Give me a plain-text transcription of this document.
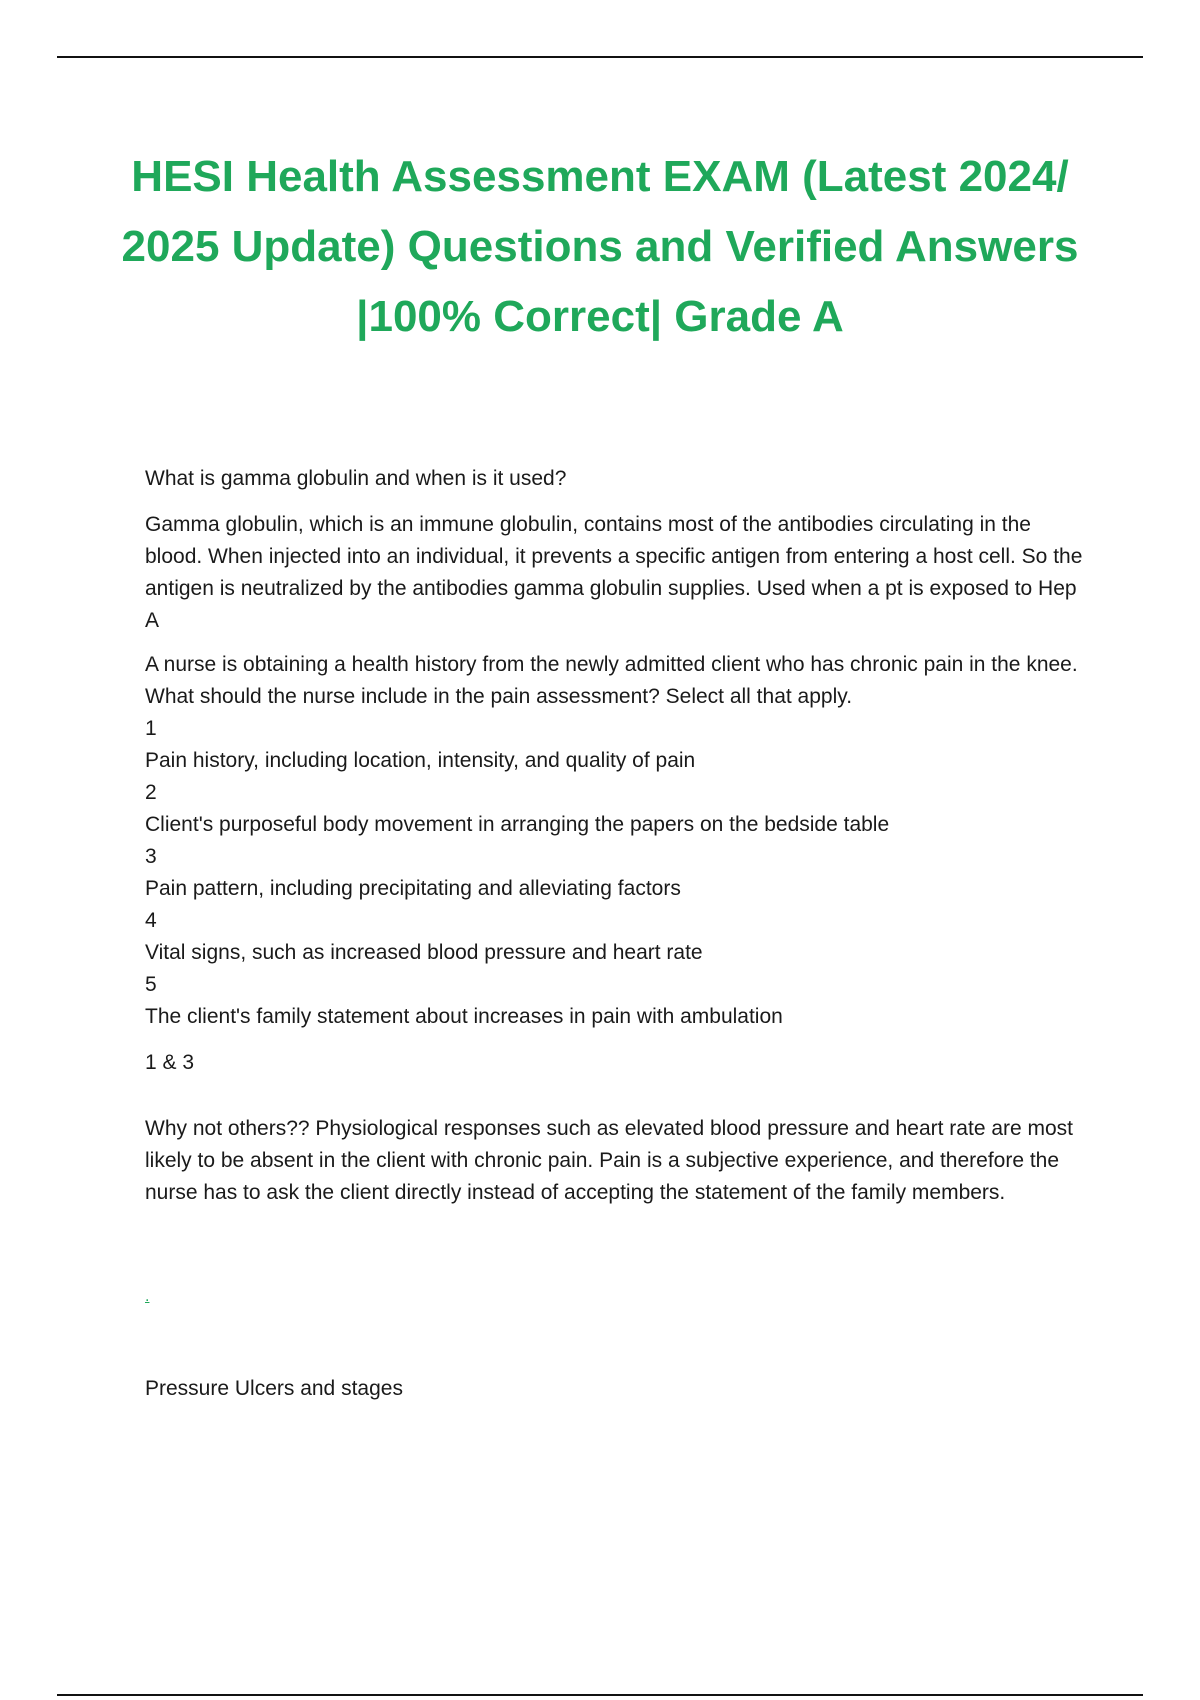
HESI Health Assessment EXAM (Latest 2024/ 2025 Update) Questions and Verified Answers |100% Correct| Grade A

What is gamma globulin and when is it used?

Gamma globulin, which is an immune globulin, contains most of the antibodies circulating in the blood. When injected into an individual, it prevents a specific antigen from entering a host cell. So the antigen is neutralized by the antibodies gamma globulin supplies. Used when a pt is exposed to Hep A

A nurse is obtaining a health history from the newly admitted client who has chronic pain in the knee. What should the nurse include in the pain assessment? Select all that apply.

1

Pain history, including location, intensity, and quality of pain

2

Client's purposeful body movement in arranging the papers on the bedside table

3

Pain pattern, including precipitating and alleviating factors

4

Vital signs, such as increased blood pressure and heart rate

5

The client's family statement about increases in pain with ambulation

1 & 3

Why not others?? Physiological responses such as elevated blood pressure and heart rate are most likely to be absent in the client with chronic pain. Pain is a subjective experience, and therefore the nurse has to ask the client directly instead of accepting the statement of the family members.

.

Pressure Ulcers and stages
